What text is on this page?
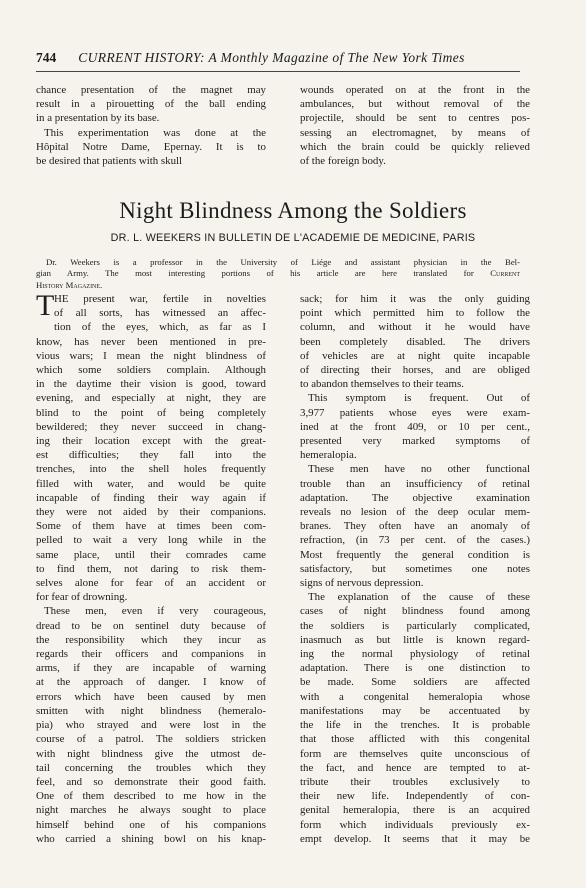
744 CURRENT HISTORY: A Monthly Magazine of The New York Times

chance presentation of the magnet may

result in a pirouetting of the ball ending

in a presentation by its base.

This experimentation was done at the

Hôpital Notre Dame, Epernay. It is to

be desired that patients with skull

wounds operated on at the front in the

ambulances, but without removal of the

projectile, should be sent to centres pos-

sessing an electromagnet, by means of

which the brain could be quickly relieved

of the foreign body.

Night Blindness Among the Soldiers
DR. L. WEEKERS IN BULLETIN DE L'ACADEMIE DE MEDICINE, PARIS

Dr. Weekers is a professor in the University of Liége and assistant physician in the Bel-

gian Army. The most interesting portions of his article are here translated for Current

History Magazine.

T HE present war, fertile in novelties

of all sorts, has witnessed an affec-

tion of the eyes, which, as far as I

know, has never been mentioned in pre-

vious wars; I mean the night blindness of

which some soldiers complain. Although

in the daytime their vision is good, toward

evening, and especially at night, they are

blind to the point of being completely

bewildered; they never succeed in chang-

ing their location except with the great-

est difficulties; they fall into the

trenches, into the shell holes frequently

filled with water, and would be quite

incapable of finding their way again if

they were not aided by their companions.

Some of them have at times been com-

pelled to wait a very long while in the

same place, until their comrades came

to find them, not daring to risk them-

selves alone for fear of an accident or

for fear of drowning.

These men, even if very courageous,

dread to be on sentinel duty because of

the responsibility which they incur as

regards their officers and companions in

arms, if they are incapable of warning

at the approach of danger. I know of

errors which have been caused by men

smitten with night blindness (hemeralo-

pia) who strayed and were lost in the

course of a patrol. The soldiers stricken

with night blindness give the utmost de-

tail concerning the troubles which they

feel, and so demonstrate their good faith.

One of them described to me how in the

night marches he always sought to place

himself behind one of his companions

who carried a shining bowl on his knap-

sack; for him it was the only guiding

point which permitted him to follow the

column, and without it he would have

been completely disabled. The drivers

of vehicles are at night quite incapable

of directing their horses, and are obliged

to abandon themselves to their teams.

This symptom is frequent. Out of

3,977 patients whose eyes were exam-

ined at the front 409, or 10 per cent.,

presented very marked symptoms of

hemeralopia.

These men have no other functional

trouble than an insufficiency of retinal

adaptation. The objective examination

reveals no lesion of the deep ocular mem-

branes. They often have an anomaly of

refraction, (in 73 per cent. of the cases.)

Most frequently the general condition is

satisfactory, but sometimes one notes

signs of nervous depression.

The explanation of the cause of these

cases of night blindness found among

the soldiers is particularly complicated,

inasmuch as but little is known regard-

ing the normal physiology of retinal

adaptation. There is one distinction to

be made. Some soldiers are affected

with a congenital hemeralopia whose

manifestations may be accentuated by

the life in the trenches. It is probable

that those afflicted with this congenital

form are themselves quite unconscious of

the fact, and hence are tempted to at-

tribute their troubles exclusively to

their new life. Independently of con-

genital hemeralopia, there is an acquired

form which individuals previously ex-

empt develop. It seems that it may be
